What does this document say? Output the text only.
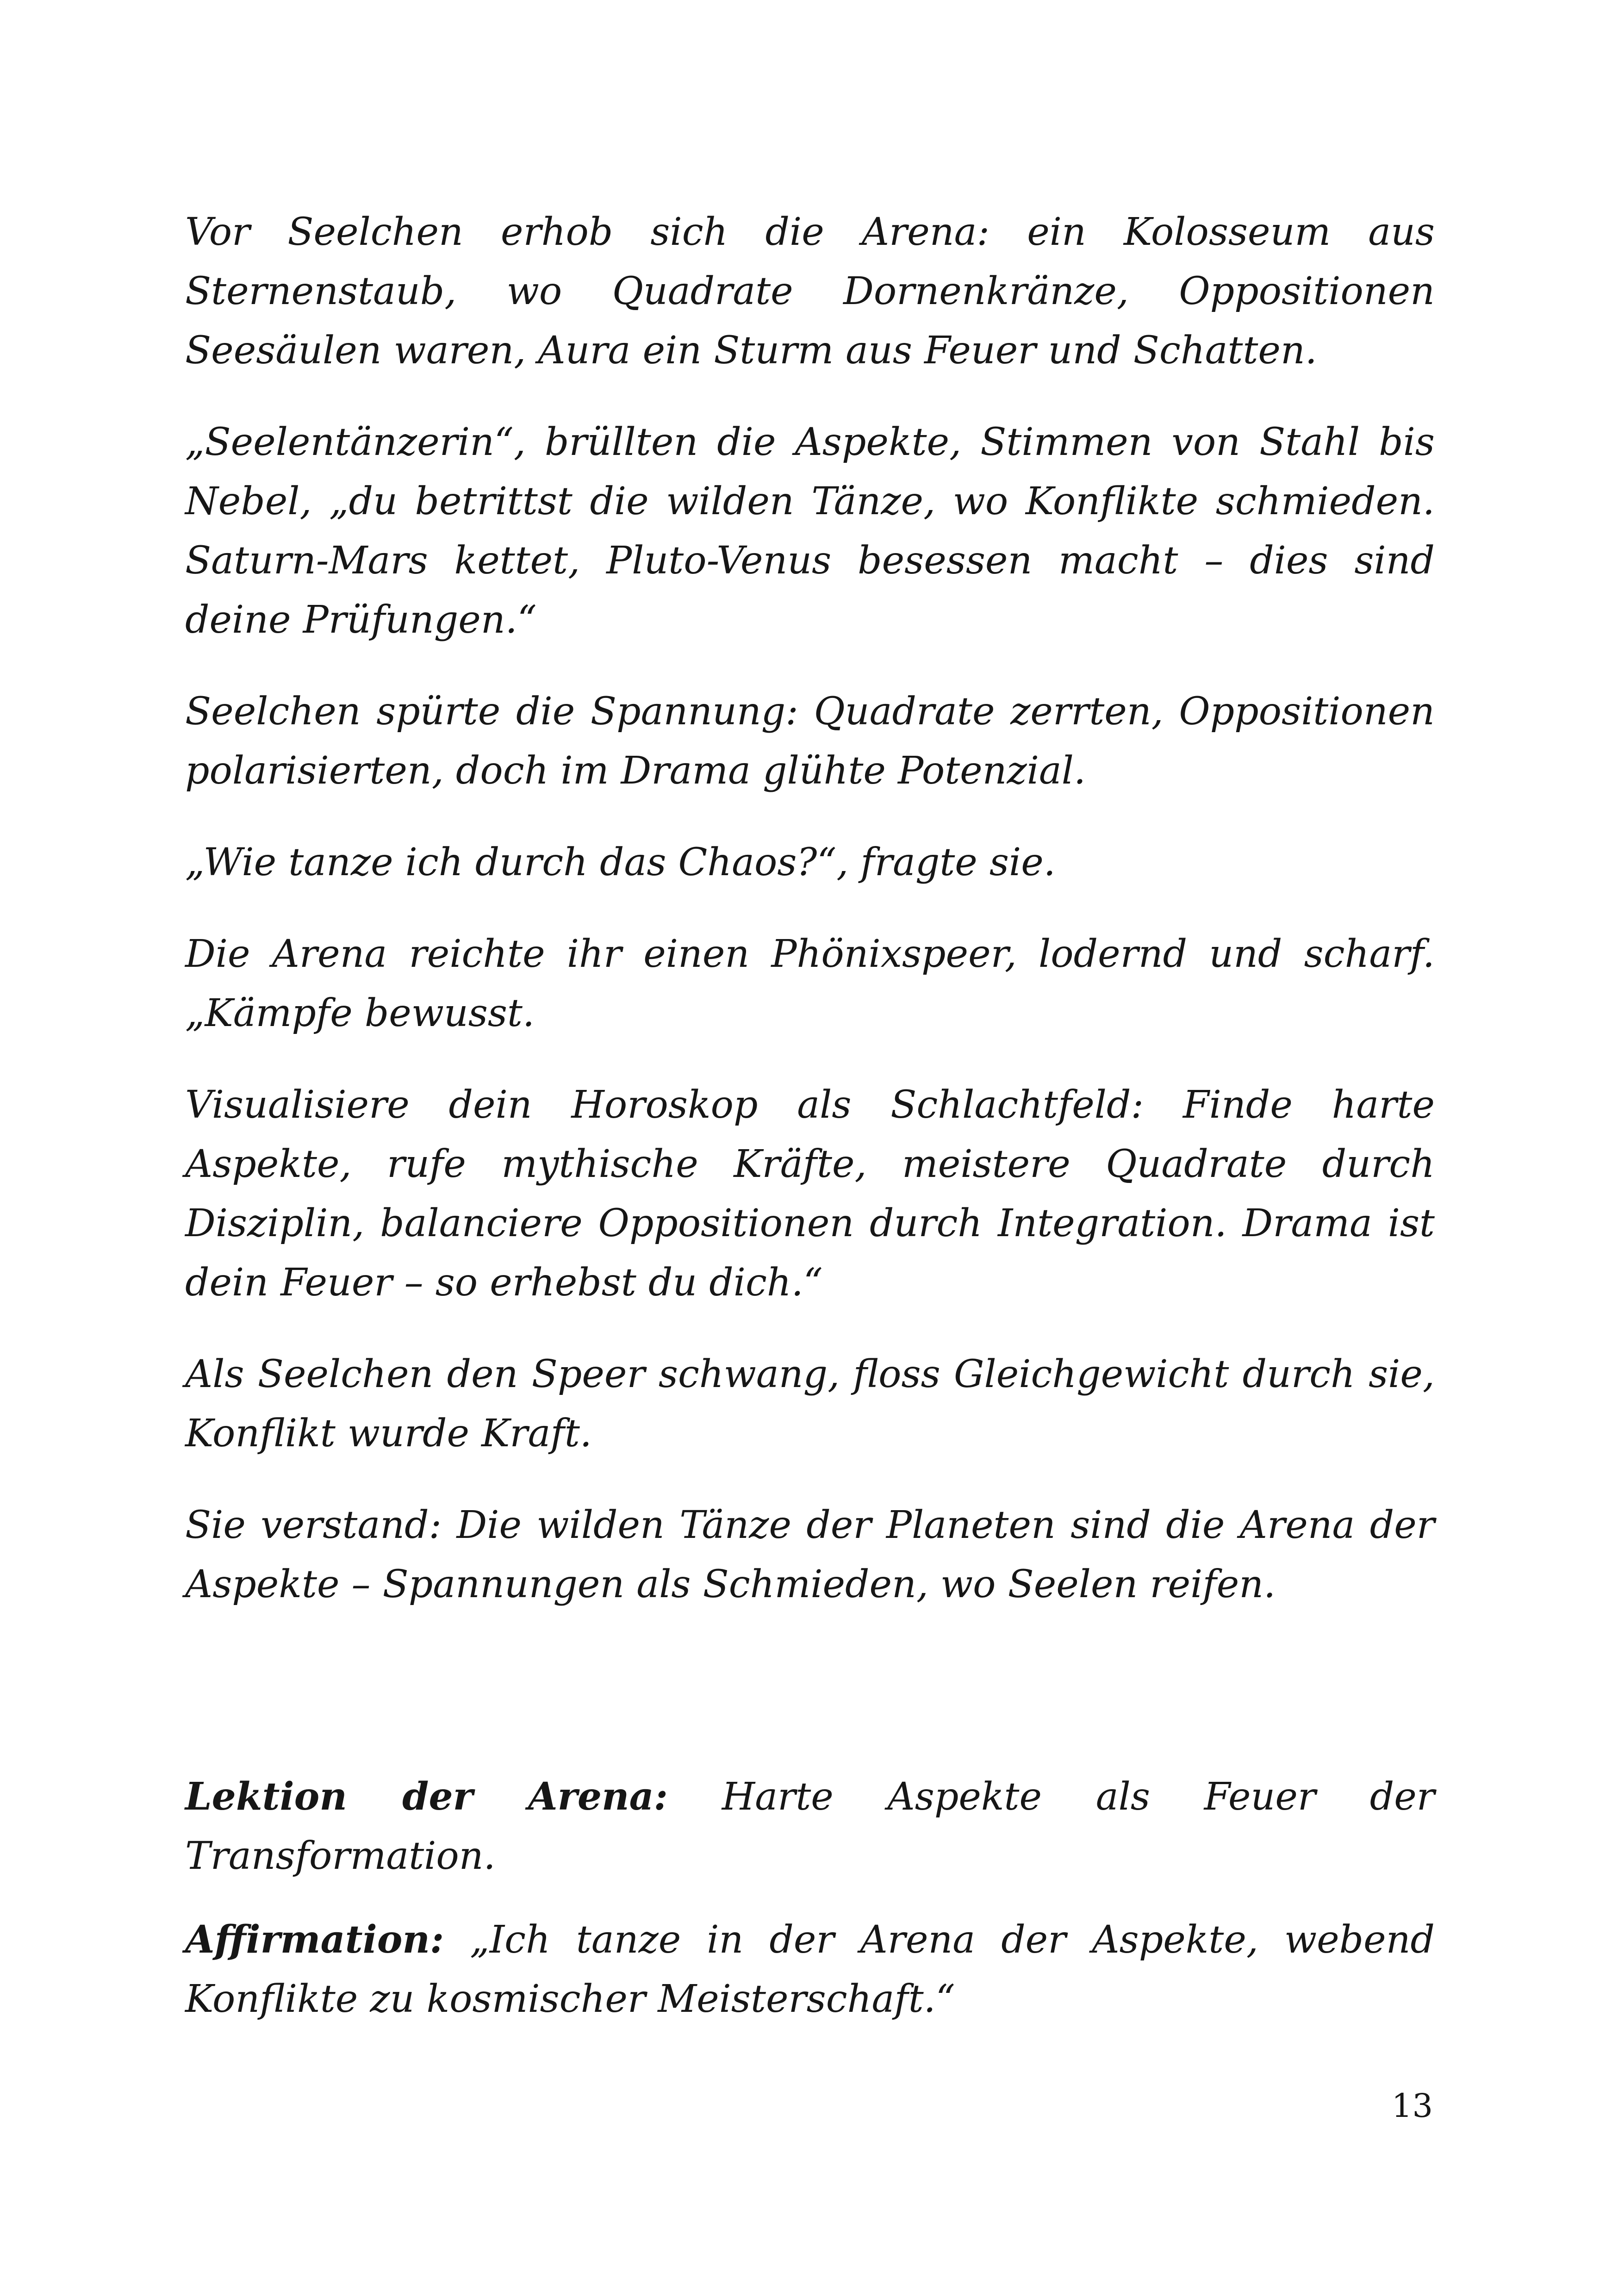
Vor Seelchen erhob sich die Arena: ein Kolosseum aus Sternenstaub, wo Quadrate Dornenkränze, Oppositionen Seesäulen waren, Aura ein Sturm aus Feuer und Schatten.

„Seelentänzerin“, brüllten die Aspekte, Stimmen von Stahl bis Nebel, „du betrittst die wilden Tänze, wo Konflikte schmieden. Saturn-Mars kettet, Pluto-Venus besessen macht – dies sind deine Prüfungen.“

Seelchen spürte die Spannung: Quadrate zerrten, Oppositionen polarisierten, doch im Drama glühte Potenzial.

„Wie tanze ich durch das Chaos?“, fragte sie.

Die Arena reichte ihr einen Phönixspeer, lodernd und scharf. „Kämpfe bewusst.

Visualisiere dein Horoskop als Schlachtfeld: Finde harte Aspekte, rufe mythische Kräfte, meistere Quadrate durch Disziplin, balanciere Oppositionen durch Integration. Drama ist dein Feuer – so erhebst du dich.“

Als Seelchen den Speer schwang, floss Gleichgewicht durch sie, Konflikt wurde Kraft.

Sie verstand: Die wilden Tänze der Planeten sind die Arena der Aspekte – Spannungen als Schmieden, wo Seelen reifen.

Lektion der Arena: Harte Aspekte als Feuer der Transformation.

Affirmation: „Ich tanze in der Arena der Aspekte, webend Konflikte zu kosmischer Meisterschaft.“

13
